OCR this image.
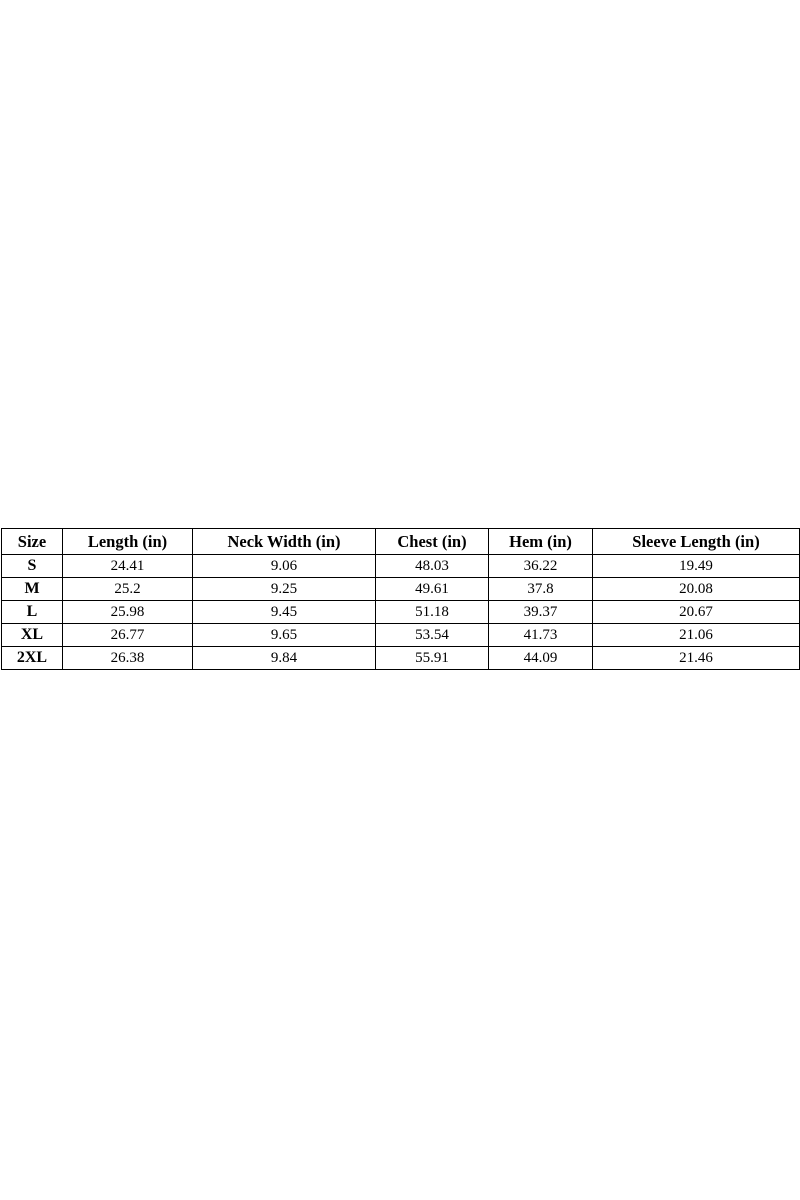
Size	Length (in)	Neck Width (in)	Chest (in)	Hem (in)	Sleeve Length (in)
S	24.41	9.06	48.03	36.22	19.49
M	25.2	9.25	49.61	37.8	20.08
L	25.98	9.45	51.18	39.37	20.67
XL	26.77	9.65	53.54	41.73	21.06
2XL	26.38	9.84	55.91	44.09	21.46
